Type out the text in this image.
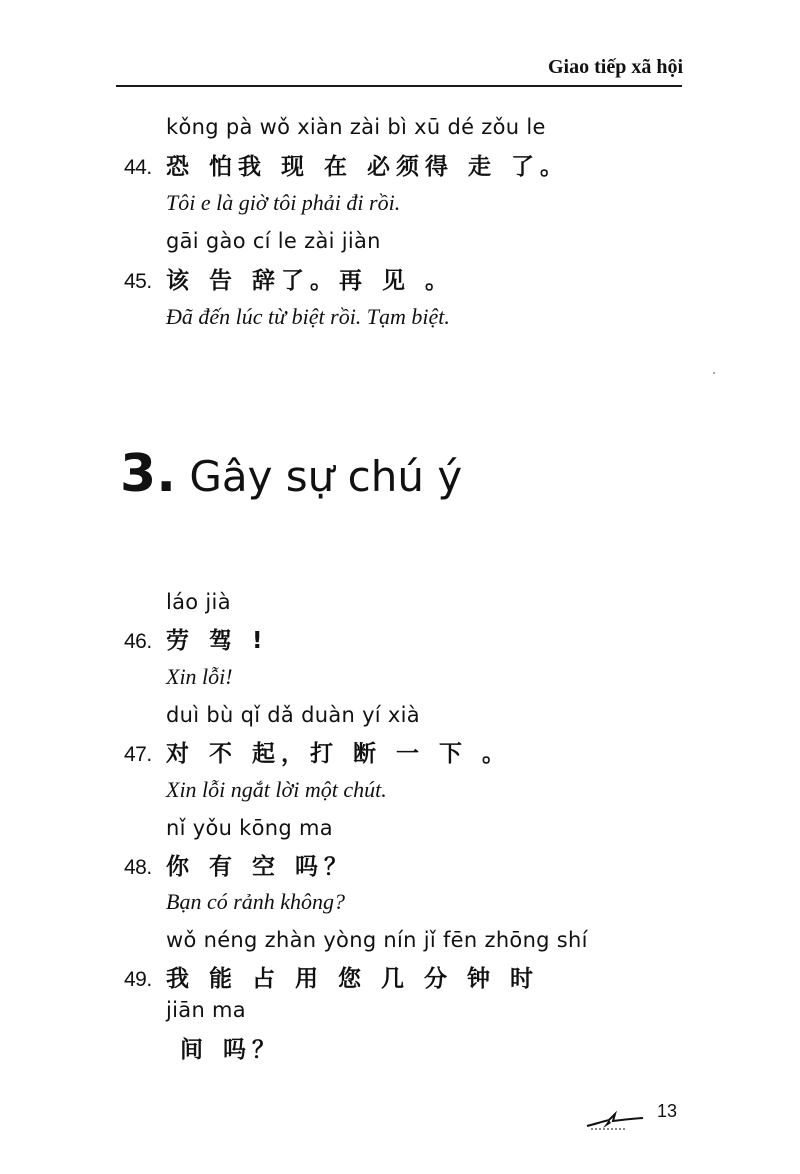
Giao tiếp xã hội
kǒng pà wǒ xiàn zài bì xū dé zǒu le
44. 恐 怕我 现 在 必须得 走 了。
Tôi e là giờ tôi phải đi rồi.
gāi gào cí le zài jiàn
45. 该 告 辞了。再 见 。
Đã đến lúc từ biệt rồi. Tạm biệt.
3. Gây sự chú ý
láo jià
46. 劳 驾 !
Xin lỗi!
duì bù qǐ dǎ duàn yí xià
47. 对 不 起，打 断 一 下 。
Xin lỗi ngắt lời một chút.
nǐ yǒu kōng ma
48. 你 有 空 吗？
Bạn có rảnh không?
wǒ néng zhàn yòng nín jǐ fēn zhōng shí
49. 我 能 占 用 您 几 分 钟 时
jiān ma
间 吗？
13
